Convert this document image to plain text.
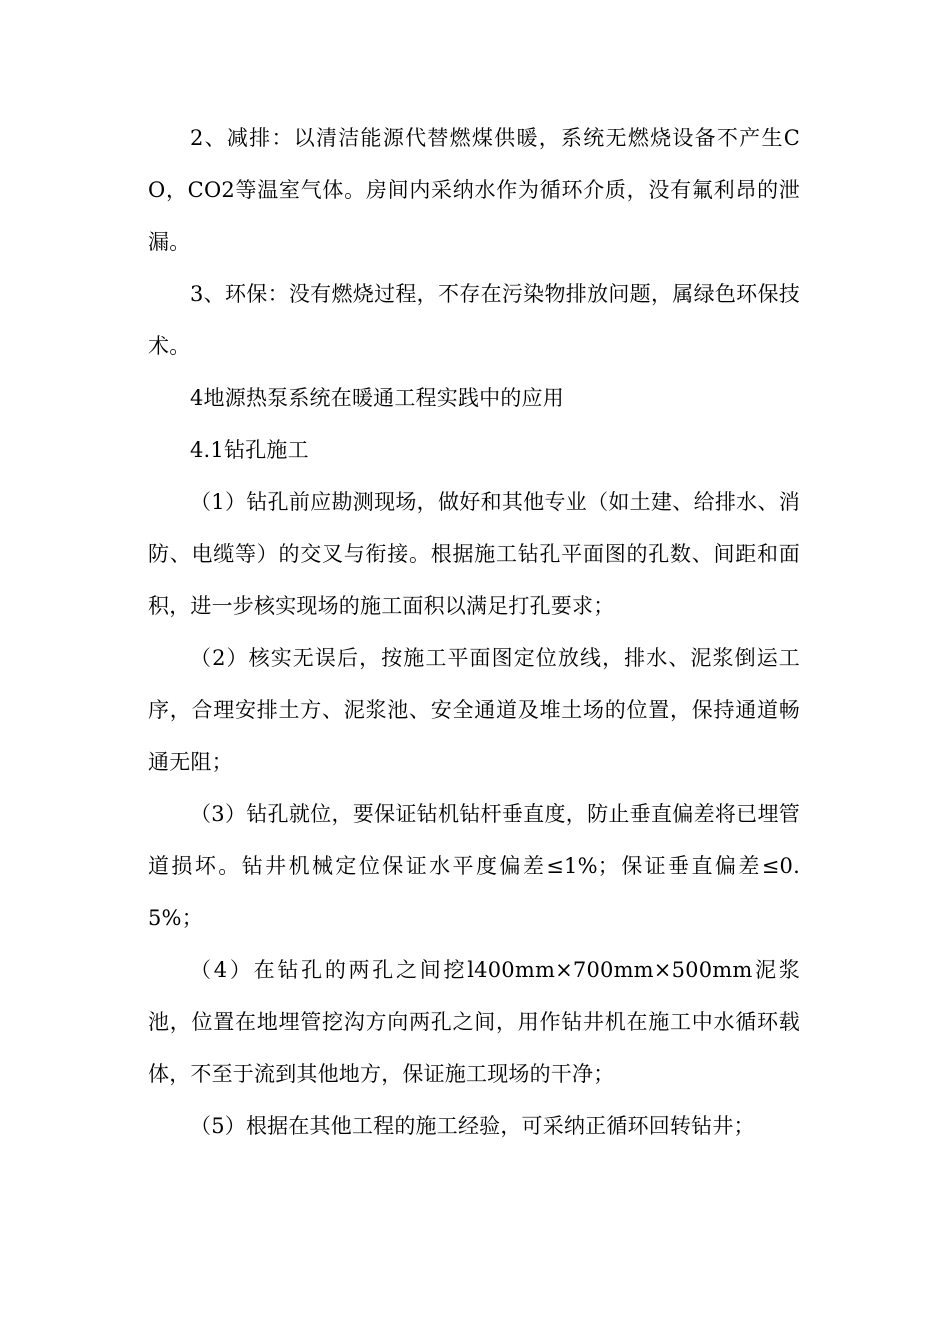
2、减排：以清洁能源代替燃煤供暖，系统无燃烧设备不产生CO，CO2等温室气体。房间内采纳水作为循环介质，没有氟利昂的泄漏。

3、环保：没有燃烧过程，不存在污染物排放问题，属绿色环保技术。

4地源热泵系统在暖通工程实践中的应用

4.1钻孔施工

（1）钻孔前应勘测现场，做好和其他专业（如土建、给排水、消防、电缆等）的交叉与衔接。根据施工钻孔平面图的孔数、间距和面积，进一步核实现场的施工面积以满足打孔要求；

（2）核实无误后，按施工平面图定位放线，排水、泥浆倒运工序，合理安排土方、泥浆池、安全通道及堆土场的位置，保持通道畅通无阻；

（3）钻孔就位，要保证钻机钻杆垂直度，防止垂直偏差将已埋管道损坏。钻井机械定位保证水平度偏差≤1%；保证垂直偏差≤0.5%；

（4）在钻孔的两孔之间挖l400mm×700mm×500mm泥浆池，位置在地埋管挖沟方向两孔之间，用作钻井机在施工中水循环载体，不至于流到其他地方，保证施工现场的干净；

（5）根据在其他工程的施工经验，可采纳正循环回转钻井；
